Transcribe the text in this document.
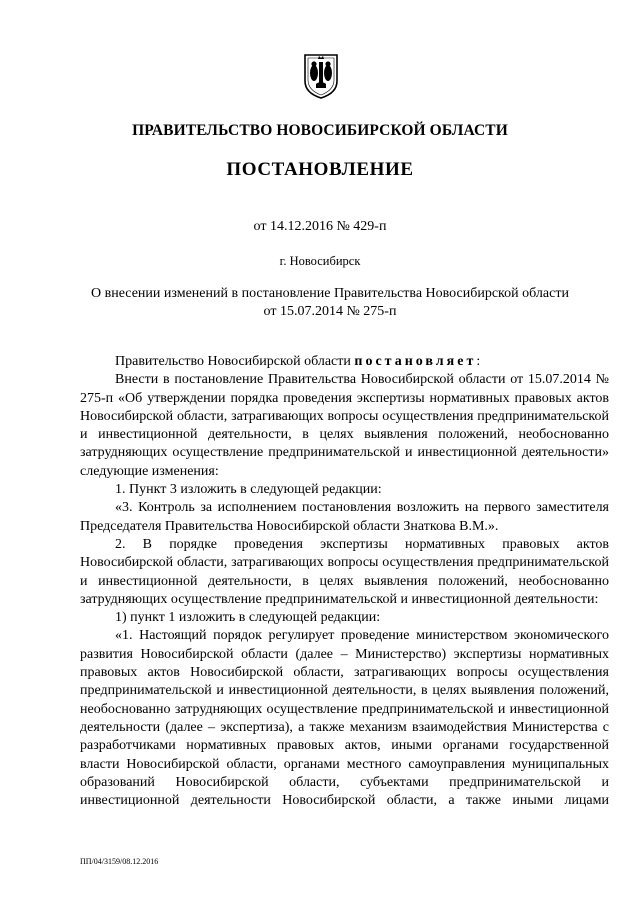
ПРАВИТЕЛЬСТВО НОВОСИБИРСКОЙ ОБЛАСТИ
ПОСТАНОВЛЕНИЕ
от 14.12.2016 № 429-п
г. Новосибирск
О внесении изменений в постановление Правительства Новосибирской области
от 15.07.2014 № 275-п

Правительство Новосибирской области постановляет:

Внести в постановление Правительства Новосибирской области от 15.07.2014 № 275-п «Об утверждении порядка проведения экспертизы нормативных правовых актов Новосибирской области, затрагивающих вопросы осуществления предпринимательской и инвестиционной деятельности, в целях выявления положений, необоснованно затрудняющих осуществление предпринимательской и инвестиционной деятельности» следующие изменения:

1. Пункт 3 изложить в следующей редакции:

«3. Контроль за исполнением постановления возложить на первого заместителя Председателя Правительства Новосибирской области Знаткова В.М.».

2. В порядке проведения экспертизы нормативных правовых актов Новосибирской области, затрагивающих вопросы осуществления предпринимательской и инвестиционной деятельности, в целях выявления положений, необоснованно затрудняющих осуществление предпринимательской и инвестиционной деятельности:

1) пункт 1 изложить в следующей редакции:

«1. Настоящий порядок регулирует проведение министерством экономического развития Новосибирской области (далее – Министерство) экспертизы нормативных правовых актов Новосибирской области, затрагивающих вопросы осуществления предпринимательской и инвестиционной деятельности, в целях выявления положений, необоснованно затрудняющих осуществление предпринимательской и инвестиционной деятельности (далее – экспертиза), а также механизм взаимодействия Министерства с разработчиками нормативных правовых актов, иными органами государственной власти Новосибирской области, органами местного самоуправления муниципальных образований Новосибирской области, субъектами предпринимательской и инвестиционной деятельности Новосибирской области, а также иными лицами

ПП/04/3159/08.12.2016
